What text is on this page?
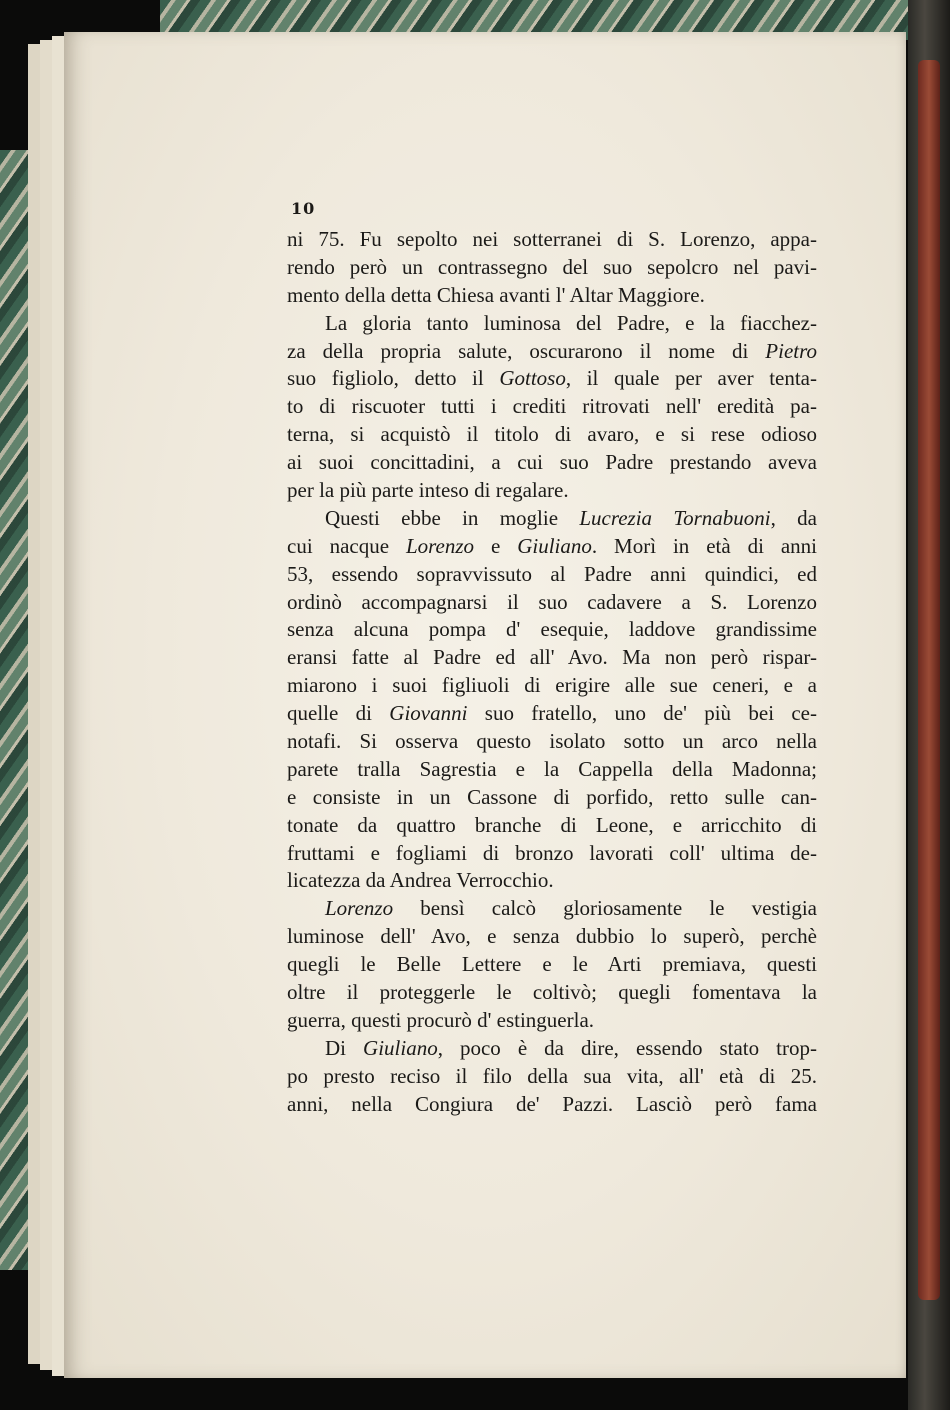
10
ni 75. Fu sepolto nei sotterranei di S. Lorenzo, appa-
rendo però un contrassegno del suo sepolcro nel pavi-
mento della detta Chiesa avanti l' Altar Maggiore.
La gloria tanto luminosa del Padre, e la fiacchez-
za della propria salute, oscurarono il nome di Pietro
suo figliolo, detto il Gottoso, il quale per aver tenta-
to di riscuoter tutti i crediti ritrovati nell' eredità pa-
terna, si acquistò il titolo di avaro, e si rese odioso
ai suoi concittadini, a cui suo Padre prestando aveva
per la più parte inteso di regalare.
Questi ebbe in moglie Lucrezia Tornabuoni, da
cui nacque Lorenzo e Giuliano. Morì in età di anni
53, essendo sopravvissuto al Padre anni quindici, ed
ordinò accompagnarsi il suo cadavere a S. Lorenzo
senza alcuna pompa d' esequie, laddove grandissime
eransi fatte al Padre ed all' Avo. Ma non però rispar-
miarono i suoi figliuoli di erigire alle sue ceneri, e a
quelle di Giovanni suo fratello, uno de' più bei ce-
notafi. Si osserva questo isolato sotto un arco nella
parete tralla Sagrestia e la Cappella della Madonna;
e consiste in un Cassone di porfido, retto sulle can-
tonate da quattro branche di Leone, e arricchito di
fruttami e fogliami di bronzo lavorati coll' ultima de-
licatezza da Andrea Verrocchio.
Lorenzo bensì calcò gloriosamente le vestigia
luminose dell' Avo, e senza dubbio lo superò, perchè
quegli le Belle Lettere e le Arti premiava, questi
oltre il proteggerle le coltivò; quegli fomentava la
guerra, questi procurò d' estinguerla.
Di Giuliano, poco è da dire, essendo stato trop-
po presto reciso il filo della sua vita, all' età di 25.
anni, nella Congiura de' Pazzi. Lasciò però fama
